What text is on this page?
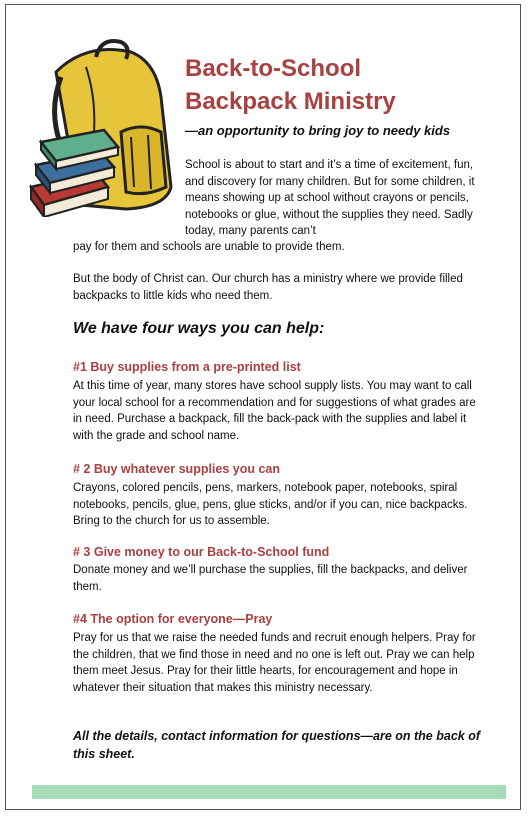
Back-to-School
Backpack Ministry

—an opportunity to bring joy to needy kids

School is about to start and it’s a time of excitement, fun, and discovery for many children. But for some children, it means showing up at school without crayons or pencils, notebooks or glue, without the supplies they need. Sadly today, many parents can’t

pay for them and schools are unable to provide them.

But the body of Christ can. Our church has a ministry where we provide filled backpacks to little kids who need them.

We have four ways you can help:

#1 Buy supplies from a pre-printed list

At this time of year, many stores have school supply lists. You may want to call your local school for a recommendation and for suggestions of what grades are in need. Purchase a backpack, fill the back-pack with the supplies and label it with the grade and school name.

# 2 Buy whatever supplies you can

Crayons, colored pencils, pens, markers, notebook paper, notebooks, spiral notebooks, pencils, glue, pens, glue sticks, and/or if you can, nice backpacks. Bring to the church for us to assemble.

# 3 Give money to our Back-to-School fund

Donate money and we’ll purchase the supplies, fill the backpacks, and deliver them.

#4 The option for everyone—Pray

Pray for us that we raise the needed funds and recruit enough helpers. Pray for the children, that we find those in need and no one is left out. Pray we can help them meet Jesus. Pray for their little hearts, for encouragement and hope in whatever their situation that makes this ministry necessary.

All the details, contact information for questions—are on the back of this sheet.
